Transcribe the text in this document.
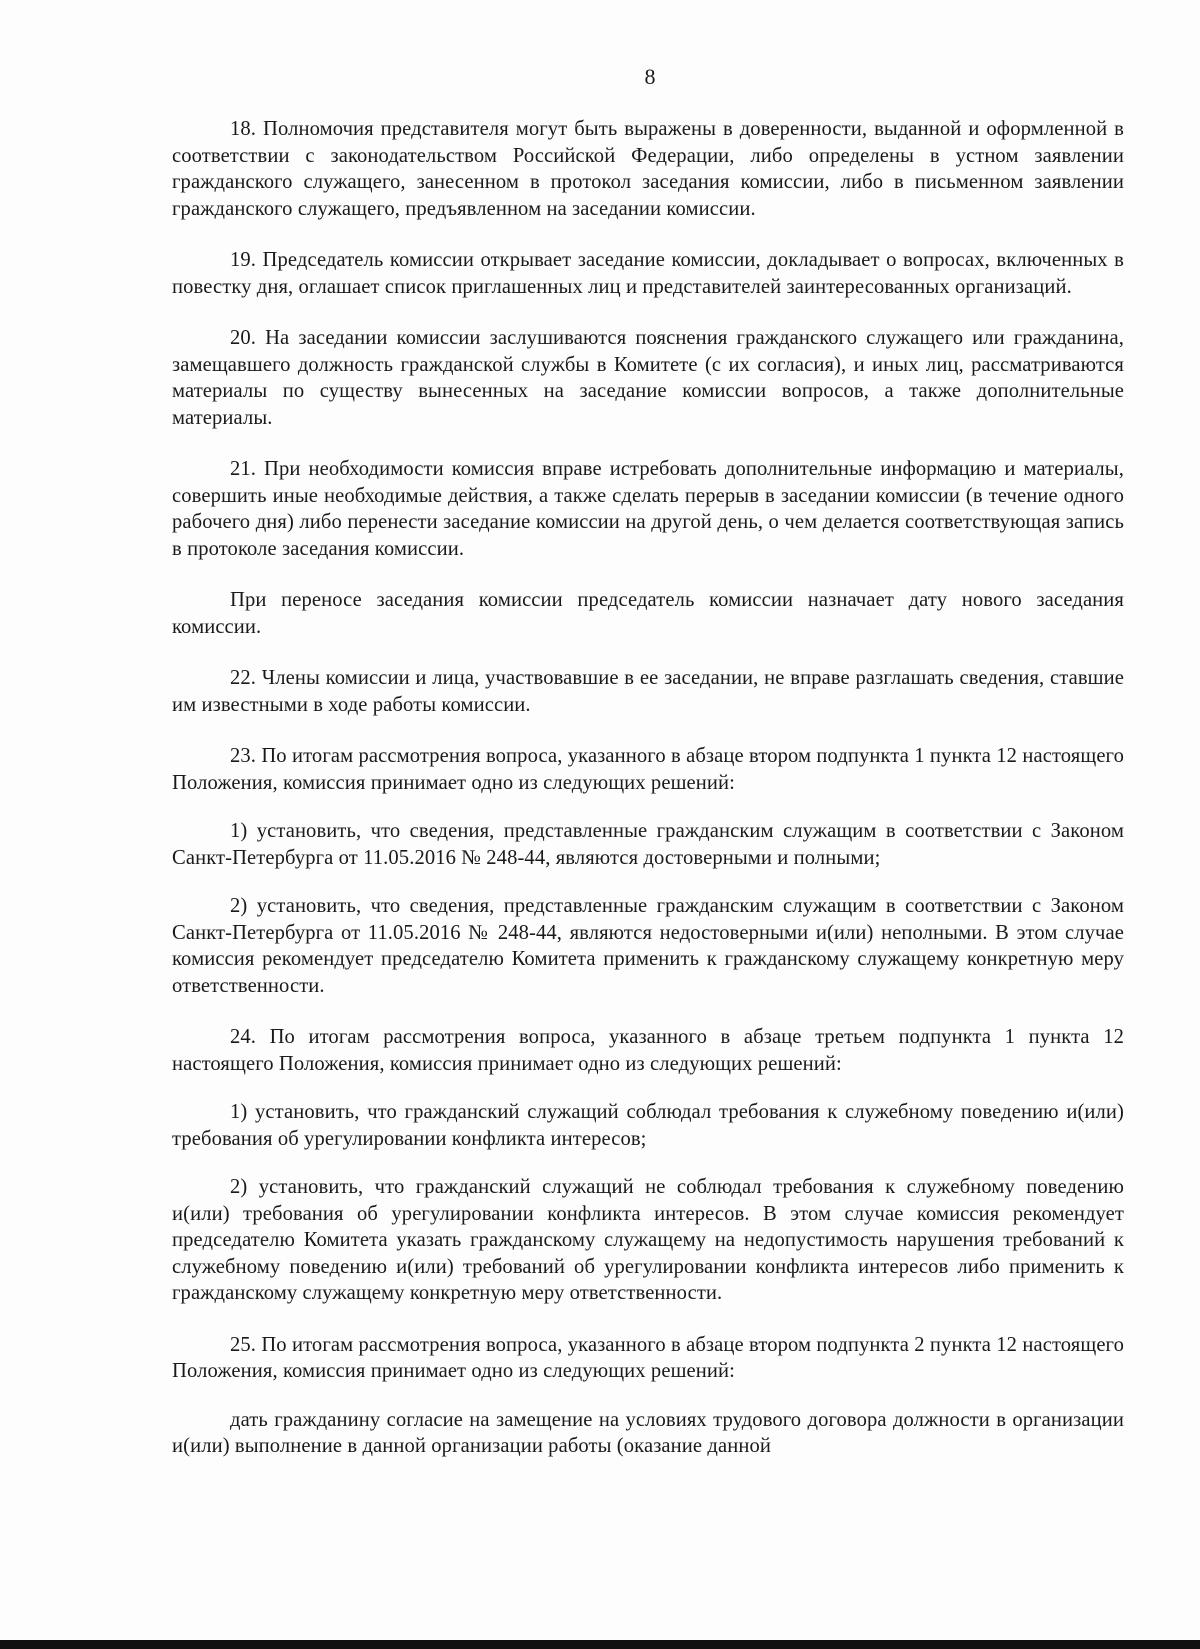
8

18. Полномочия представителя могут быть выражены в доверенности, выданной и оформленной в соответствии с законодательством Российской Федерации, либо определены в устном заявлении гражданского служащего, занесенном в протокол заседания комиссии, либо в письменном заявлении гражданского служащего, предъявленном на заседании комиссии.

19. Председатель комиссии открывает заседание комиссии, докладывает о вопросах, включенных в повестку дня, оглашает список приглашенных лиц и представителей заинтересованных организаций.

20. На заседании комиссии заслушиваются пояснения гражданского служащего или гражданина, замещавшего должность гражданской службы в Комитете (с их согласия), и иных лиц, рассматриваются материалы по существу вынесенных на заседание комиссии вопросов, а также дополнительные материалы.

21. При необходимости комиссия вправе истребовать дополнительные информацию и материалы, совершить иные необходимые действия, а также сделать перерыв в заседании комиссии (в течение одного рабочего дня) либо перенести заседание комиссии на другой день, о чем делается соответствующая запись в протоколе заседания комиссии.

При переносе заседания комиссии председатель комиссии назначает дату нового заседания комиссии.

22. Члены комиссии и лица, участвовавшие в ее заседании, не вправе разглашать сведения, ставшие им известными в ходе работы комиссии.

23. По итогам рассмотрения вопроса, указанного в абзаце втором подпункта 1 пункта 12 настоящего Положения, комиссия принимает одно из следующих решений:

1) установить, что сведения, представленные гражданским служащим в соответствии с Законом Санкт-Петербурга от 11.05.2016 № 248-44, являются достоверными и полными;

2) установить, что сведения, представленные гражданским служащим в соответствии с Законом Санкт-Петербурга от 11.05.2016 № 248-44, являются недостоверными и(или) неполными. В этом случае комиссия рекомендует председателю Комитета применить к гражданскому служащему конкретную меру ответственности.

24. По итогам рассмотрения вопроса, указанного в абзаце третьем подпункта 1 пункта 12 настоящего Положения, комиссия принимает одно из следующих решений:

1) установить, что гражданский служащий соблюдал требования к служебному поведению и(или) требования об урегулировании конфликта интересов;

2) установить, что гражданский служащий не соблюдал требования к служебному поведению и(или) требования об урегулировании конфликта интересов. В этом случае комиссия рекомендует председателю Комитета указать гражданскому служащему на недопустимость нарушения требований к служебному поведению и(или) требований об урегулировании конфликта интересов либо применить к гражданскому служащему конкретную меру ответственности.

25. По итогам рассмотрения вопроса, указанного в абзаце втором подпункта 2 пункта 12 настоящего Положения, комиссия принимает одно из следующих решений:

дать гражданину согласие на замещение на условиях трудового договора должности в организации и(или) выполнение в данной организации работы (оказание данной
